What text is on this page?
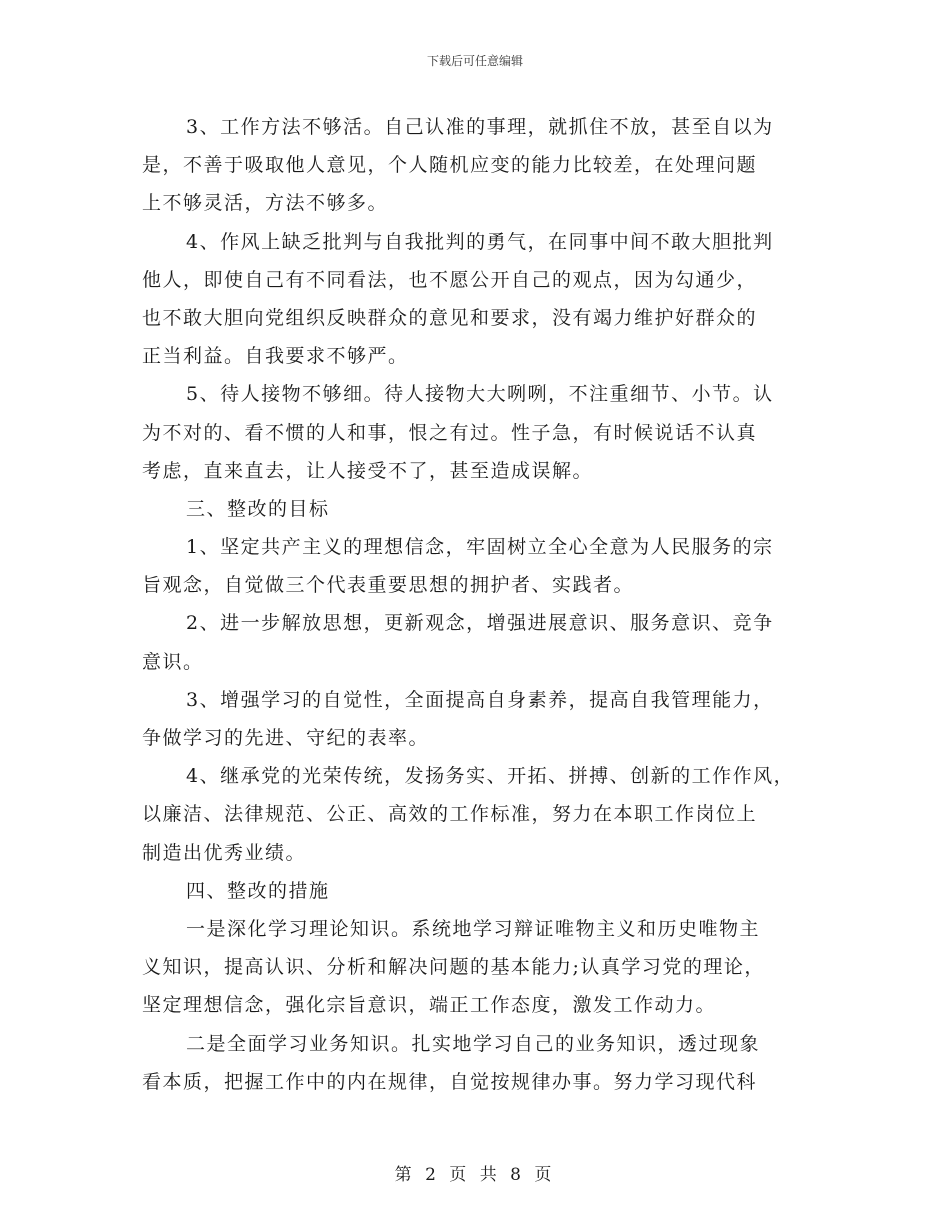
下载后可任意编辑
3、工作方法不够活。自己认准的事理，就抓住不放，甚至自以为
是，不善于吸取他人意见，个人随机应变的能力比较差，在处理问题
上不够灵活，方法不够多。
4、作风上缺乏批判与自我批判的勇气，在同事中间不敢大胆批判
他人，即使自己有不同看法，也不愿公开自己的观点，因为勾通少，
也不敢大胆向党组织反映群众的意见和要求，没有竭力维护好群众的
正当利益。自我要求不够严。
5、待人接物不够细。待人接物大大咧咧，不注重细节、小节。认
为不对的、看不惯的人和事，恨之有过。性子急，有时候说话不认真
考虑，直来直去，让人接受不了，甚至造成误解。
三、整改的目标
1、坚定共产主义的理想信念，牢固树立全心全意为人民服务的宗
旨观念，自觉做三个代表重要思想的拥护者、实践者。
2、进一步解放思想，更新观念，增强进展意识、服务意识、竞争
意识。
3、增强学习的自觉性，全面提高自身素养，提高自我管理能力，
争做学习的先进、守纪的表率。
4、继承党的光荣传统，发扬务实、开拓、拼搏、创新的工作作风，
以廉洁、法律规范、公正、高效的工作标准，努力在本职工作岗位上
制造出优秀业绩。
四、整改的措施
一是深化学习理论知识。系统地学习辩证唯物主义和历史唯物主
义知识，提高认识、分析和解决问题的基本能力;认真学习党的理论，
坚定理想信念，强化宗旨意识，端正工作态度，激发工作动力。
二是全面学习业务知识。扎实地学习自己的业务知识，透过现象
看本质，把握工作中的内在规律，自觉按规律办事。努力学习现代科
第 2 页 共 8 页
